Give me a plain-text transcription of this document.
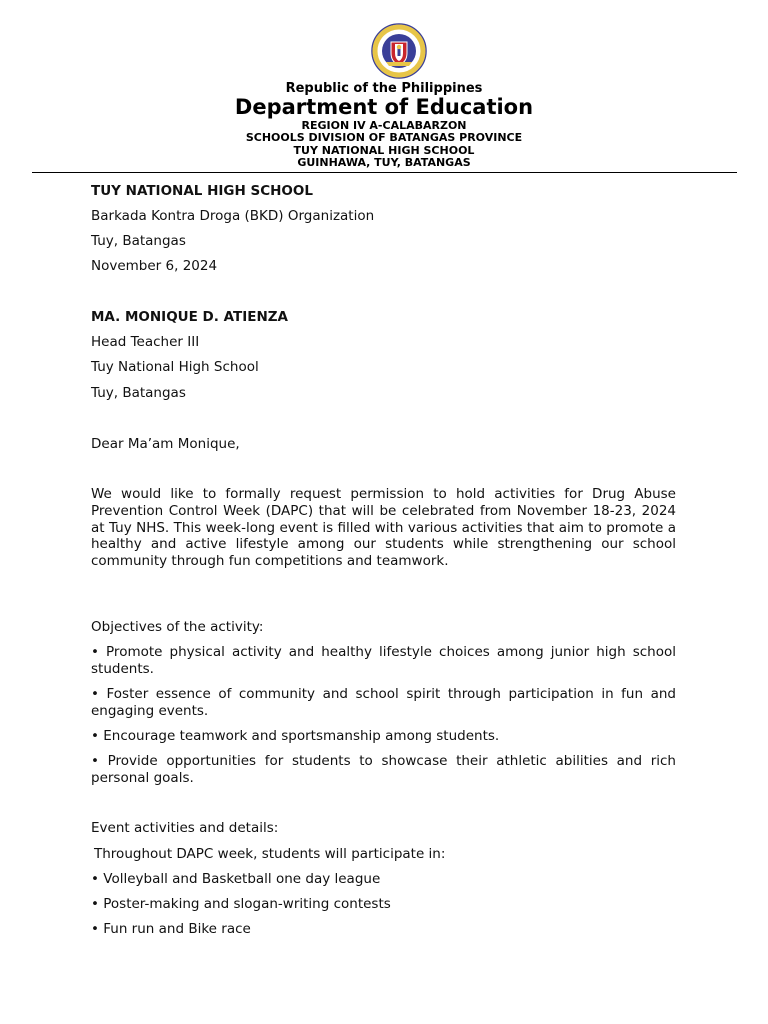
Republic of the Philippines
Department of Education
REGION IV A-CALABARZON
SCHOOLS DIVISION OF BATANGAS PROVINCE
TUY NATIONAL HIGH SCHOOL
GUINHAWA, TUY, BATANGAS
TUY NATIONAL HIGH SCHOOL
Barkada Kontra Droga (BKD) Organization
Tuy, Batangas
November 6, 2024
MA. MONIQUE D. ATIENZA
Head Teacher III
Tuy National High School
Tuy, Batangas
Dear Ma’am Monique,
We would like to formally request permission to hold activities for Drug Abuse Prevention Control Week (DAPC) that will be celebrated from November 18-23, 2024 at Tuy NHS. This week-long event is filled with various activities that aim to promote a healthy and active lifestyle among our students while strengthening our school community through fun competitions and teamwork.
Objectives of the activity:
• Promote physical activity and healthy lifestyle choices among junior high school students.
• Foster essence of community and school spirit through participation in fun and engaging events.
• Encourage teamwork and sportsmanship among students.
• Provide opportunities for students to showcase their athletic abilities and rich personal goals.
Event activities and details:
Throughout DAPC week, students will participate in:
• Volleyball and Basketball one day league
• Poster-making and slogan-writing contests
• Fun run and Bike race
